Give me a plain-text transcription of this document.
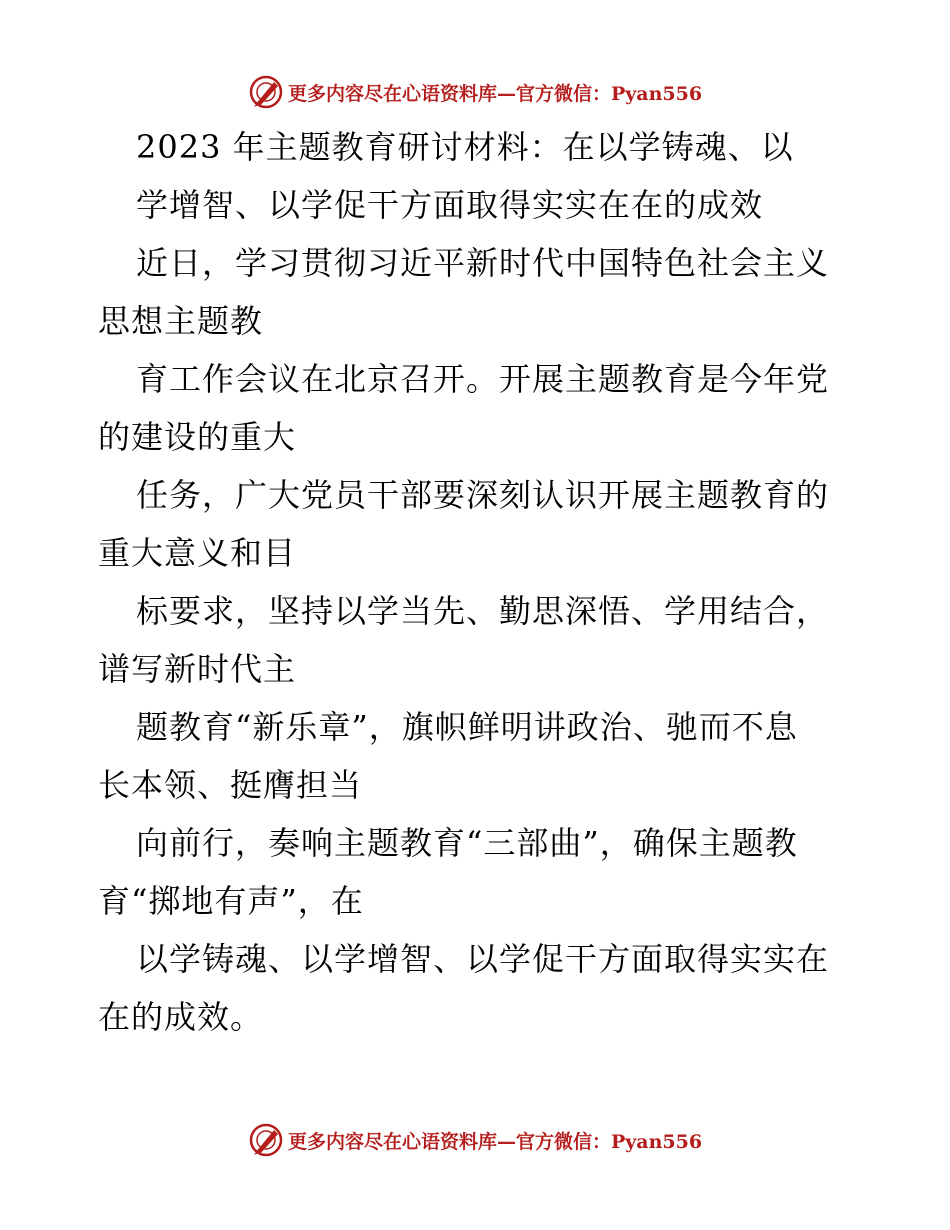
更多内容尽在心语资料库—官方微信：Pyan556

2023 年主题教育研讨材料：在以学铸魂、以

学增智、以学促干方面取得实实在在的成效

近日，学习贯彻习近平新时代中国特色社会主义

思想主题教

育工作会议在北京召开。开展主题教育是今年党

的建设的重大

任务，广大党员干部要深刻认识开展主题教育的

重大意义和目

标要求，坚持以学当先、勤思深悟、学用结合，

谱写新时代主

题教育“新乐章”，旗帜鲜明讲政治、驰而不息

长本领、挺膺担当

向前行，奏响主题教育“三部曲”，确保主题教

育“掷地有声”，在

以学铸魂、以学增智、以学促干方面取得实实在

在的成效。

更多内容尽在心语资料库—官方微信：Pyan556
